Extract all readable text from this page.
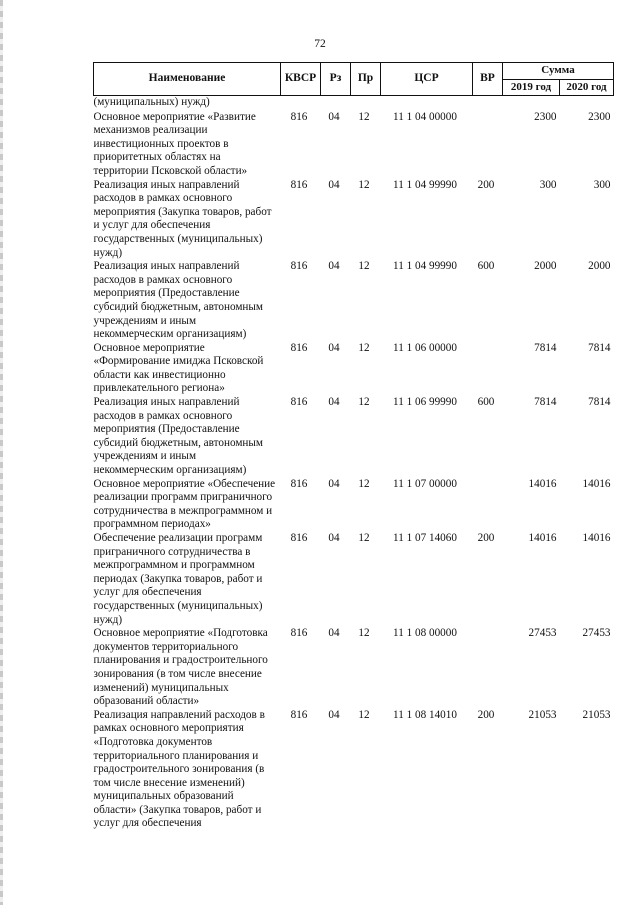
72
Наименование	КВСР	Рз	Пр	ЦСР	ВР	Сумма	
						2019 год	2020 год
(муниципальных) нужд)							
Основное мероприятие «Развитие механизмов реализации инвестиционных проектов в приоритетных областях на территории Псковской области»	816	04	12	11 1 04 00000		2300	2300
Реализация иных направлений расходов в рамках основного мероприятия (Закупка товаров, работ и услуг для обеспечения государственных (муниципальных) нужд)	816	04	12	11 1 04 99990	200	300	300
Реализация иных направлений расходов в рамках основного мероприятия (Предоставление субсидий бюджетным, автономным учреждениям и иным некоммерческим организациям)	816	04	12	11 1 04 99990	600	2000	2000
Основное мероприятие «Формирование имиджа Псковской области как инвестиционно привлекательного региона»	816	04	12	11 1 06 00000		7814	7814
Реализация иных направлений расходов в рамках основного мероприятия (Предоставление субсидий бюджетным, автономным учреждениям и иным некоммерческим организациям)	816	04	12	11 1 06 99990	600	7814	7814
Основное мероприятие «Обеспечение реализации программ приграничного сотрудничества в межпрограммном и программном периодах»	816	04	12	11 1 07 00000		14016	14016
Обеспечение реализации программ приграничного сотрудничества в межпрограммном и программном периодах (Закупка товаров, работ и услуг для обеспечения государственных (муниципальных) нужд)	816	04	12	11 1 07 14060	200	14016	14016
Основное мероприятие «Подготовка документов территориального планирования и градостроительного зонирования (в том числе внесение изменений) муниципальных образований области»	816	04	12	11 1 08 00000		27453	27453
Реализация направлений расходов в рамках основного мероприятия «Подготовка документов территориального планирования и градостроительного зонирования (в том числе внесение изменений) муниципальных образований области» (Закупка товаров, работ и услуг для обеспечения	816	04	12	11 1 08 14010	200	21053	21053
